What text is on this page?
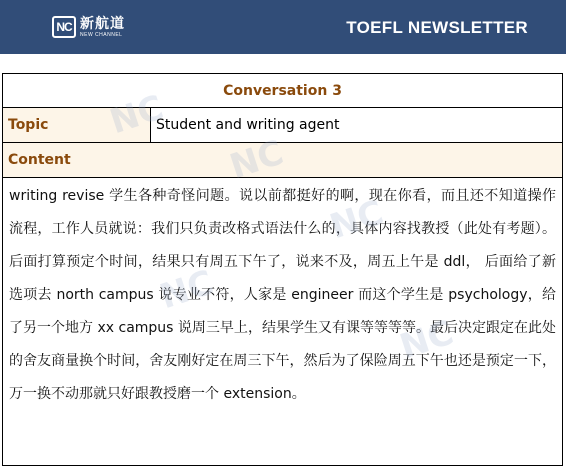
NC 新航道
NEW CHANNEL	TOEFL NEWSLETTER
Conversation 3
Topic	Student and writing agent
Content
writing revise 学生各种奇怪问题。说以前都挺好的啊，现在你看，而且还不知道操作流程，工作人员就说：我们只负责改格式语法什么的，具体内容找教授（此处有考题）。后面打算预定个时间，结果只有周五下午了，说来不及，周五上午是 ddl， 后面给了新选项去 north campus 说专业不符，人家是 engineer 而这个学生是 psychology，给了另一个地方 xx campus 说周三早上，结果学生又有课等等等等。最后决定跟定在此处的舍友商量换个时间，舍友刚好定在周三下午，然后为了保险周五下午也还是预定一下，万一换不动那就只好跟教授磨一个 extension。
NC
NC
NC
NC
NC
